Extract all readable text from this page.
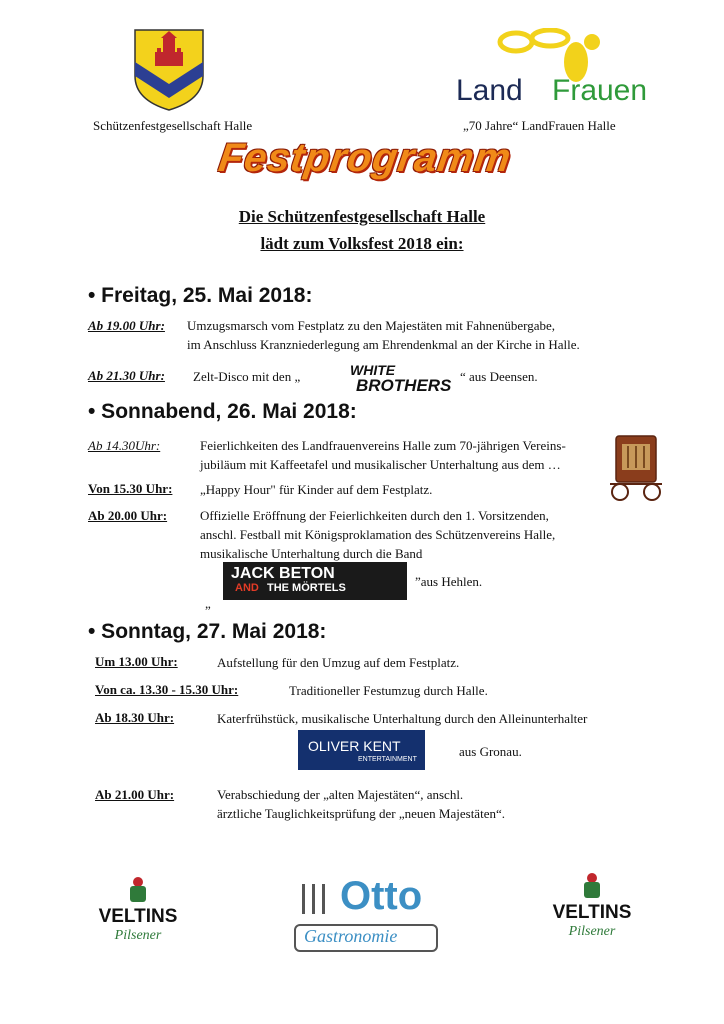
Schützenfestgesellschaft Halle
Land Frauen
„70 Jahre“ LandFrauen Halle
Festprogramm
Die Schützenfestgesellschaft Halle
lädt zum Volksfest 2018 ein:
• Freitag, 25. Mai 2018:
Ab 19.00 Uhr: Umzugsmarsch vom Festplatz zu den Majestäten mit Fahnenübergabe,
im Anschluss Kranzniederlegung am Ehrendenkmal an der Kirche in Halle.
Ab 21.30 Uhr: Zelt-Disco mit den „	WHITE
BROTHERS “ aus Deensen.
• Sonnabend, 26. Mai 2018:
Ab 14.30Uhr:	Feierlichkeiten des Landfrauenvereins Halle zum 70-jährigen Vereins-
jubiläum mit Kaffeetafel und musikalischer Unterhaltung aus dem …
Von 15.30 Uhr: „Happy Hour" für Kinder auf dem Festplatz.
Ab 20.00 Uhr:	Offizielle Eröffnung der Feierlichkeiten durch den 1. Vorsitzenden,
anschl. Festball mit Königsproklamation des Schützenvereins Halle,
musikalische Unterhaltung durch die Band
JACK BETON
AND THE MÖRTELS	”aus Hehlen.
”
• Sonntag, 27. Mai 2018:
Um 13.00 Uhr:	Aufstellung für den Umzug auf dem Festplatz.
Von ca. 13.30 - 15.30 Uhr:	Traditioneller Festumzug durch Halle.
Ab 18.30 Uhr:	Katerfrühstück, musikalische Unterhaltung durch den Alleinunterhalter
OLIVER KENT
ENTERTAINMENT
aus Gronau.
Ab 21.00 Uhr:	Verabschiedung der „alten Majestäten“, anschl.
ärztliche Tauglichkeitsprüfung der „neuen Majestäten“.
VELTINS
Pilsener
Otto
Gastronomie
VELTINS
Pilsener
